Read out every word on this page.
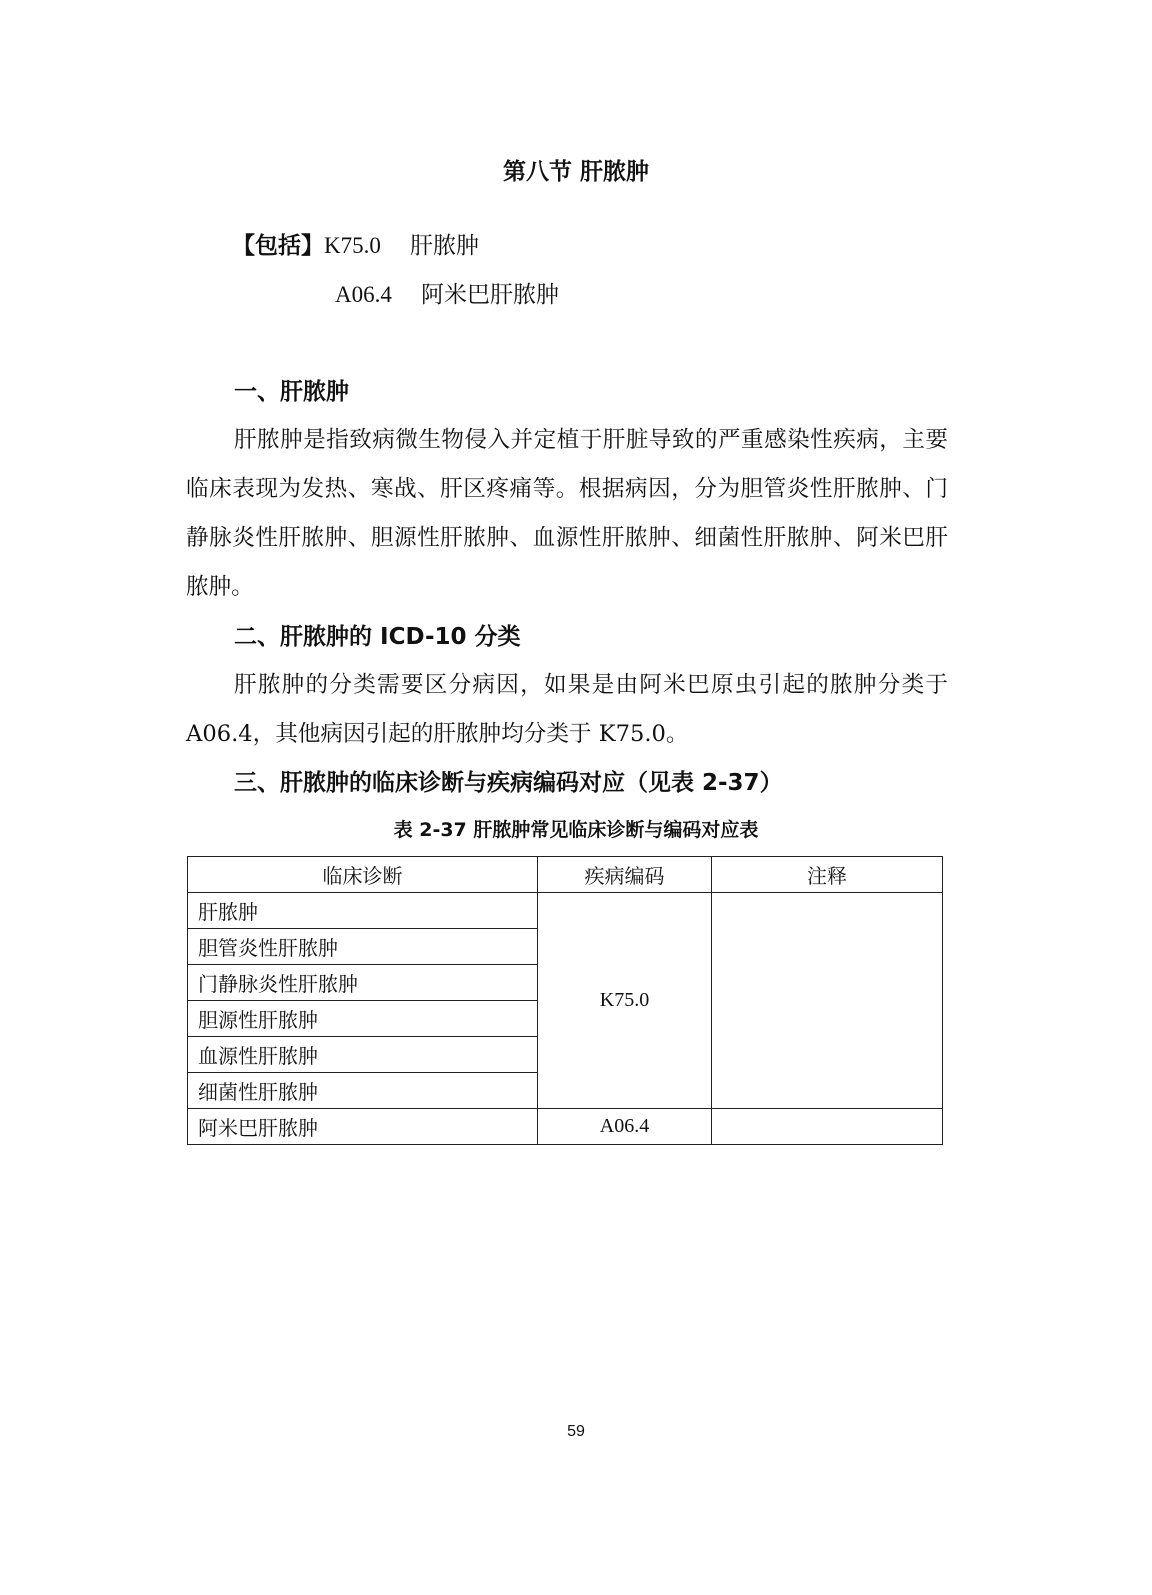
第八节 肝脓肿
【包括】K75.0 肝脓肿
A06.4 阿米巴肝脓肿
一、肝脓肿

肝脓肿是指致病微生物侵入并定植于肝脏导致的严重感染性疾病，主要临床表现为发热、寒战、肝区疼痛等。根据病因，分为胆管炎性肝脓肿、门静脉炎性肝脓肿、胆源性肝脓肿、血源性肝脓肿、细菌性肝脓肿、阿米巴肝脓肿。

二、肝脓肿的 ICD-10 分类

肝脓肿的分类需要区分病因，如果是由阿米巴原虫引起的脓肿分类于 A06.4，其他病因引起的肝脓肿均分类于 K75.0。

三、肝脓肿的临床诊断与疾病编码对应（见表 2-37）

表 2-37 肝脓肿常见临床诊断与编码对应表

临床诊断	疾病编码	注释
肝脓肿	K75.0	
胆管炎性肝脓肿		
门静脉炎性肝脓肿		
胆源性肝脓肿		
血源性肝脓肿		
细菌性肝脓肿		
阿米巴肝脓肿	A06.4	

59
